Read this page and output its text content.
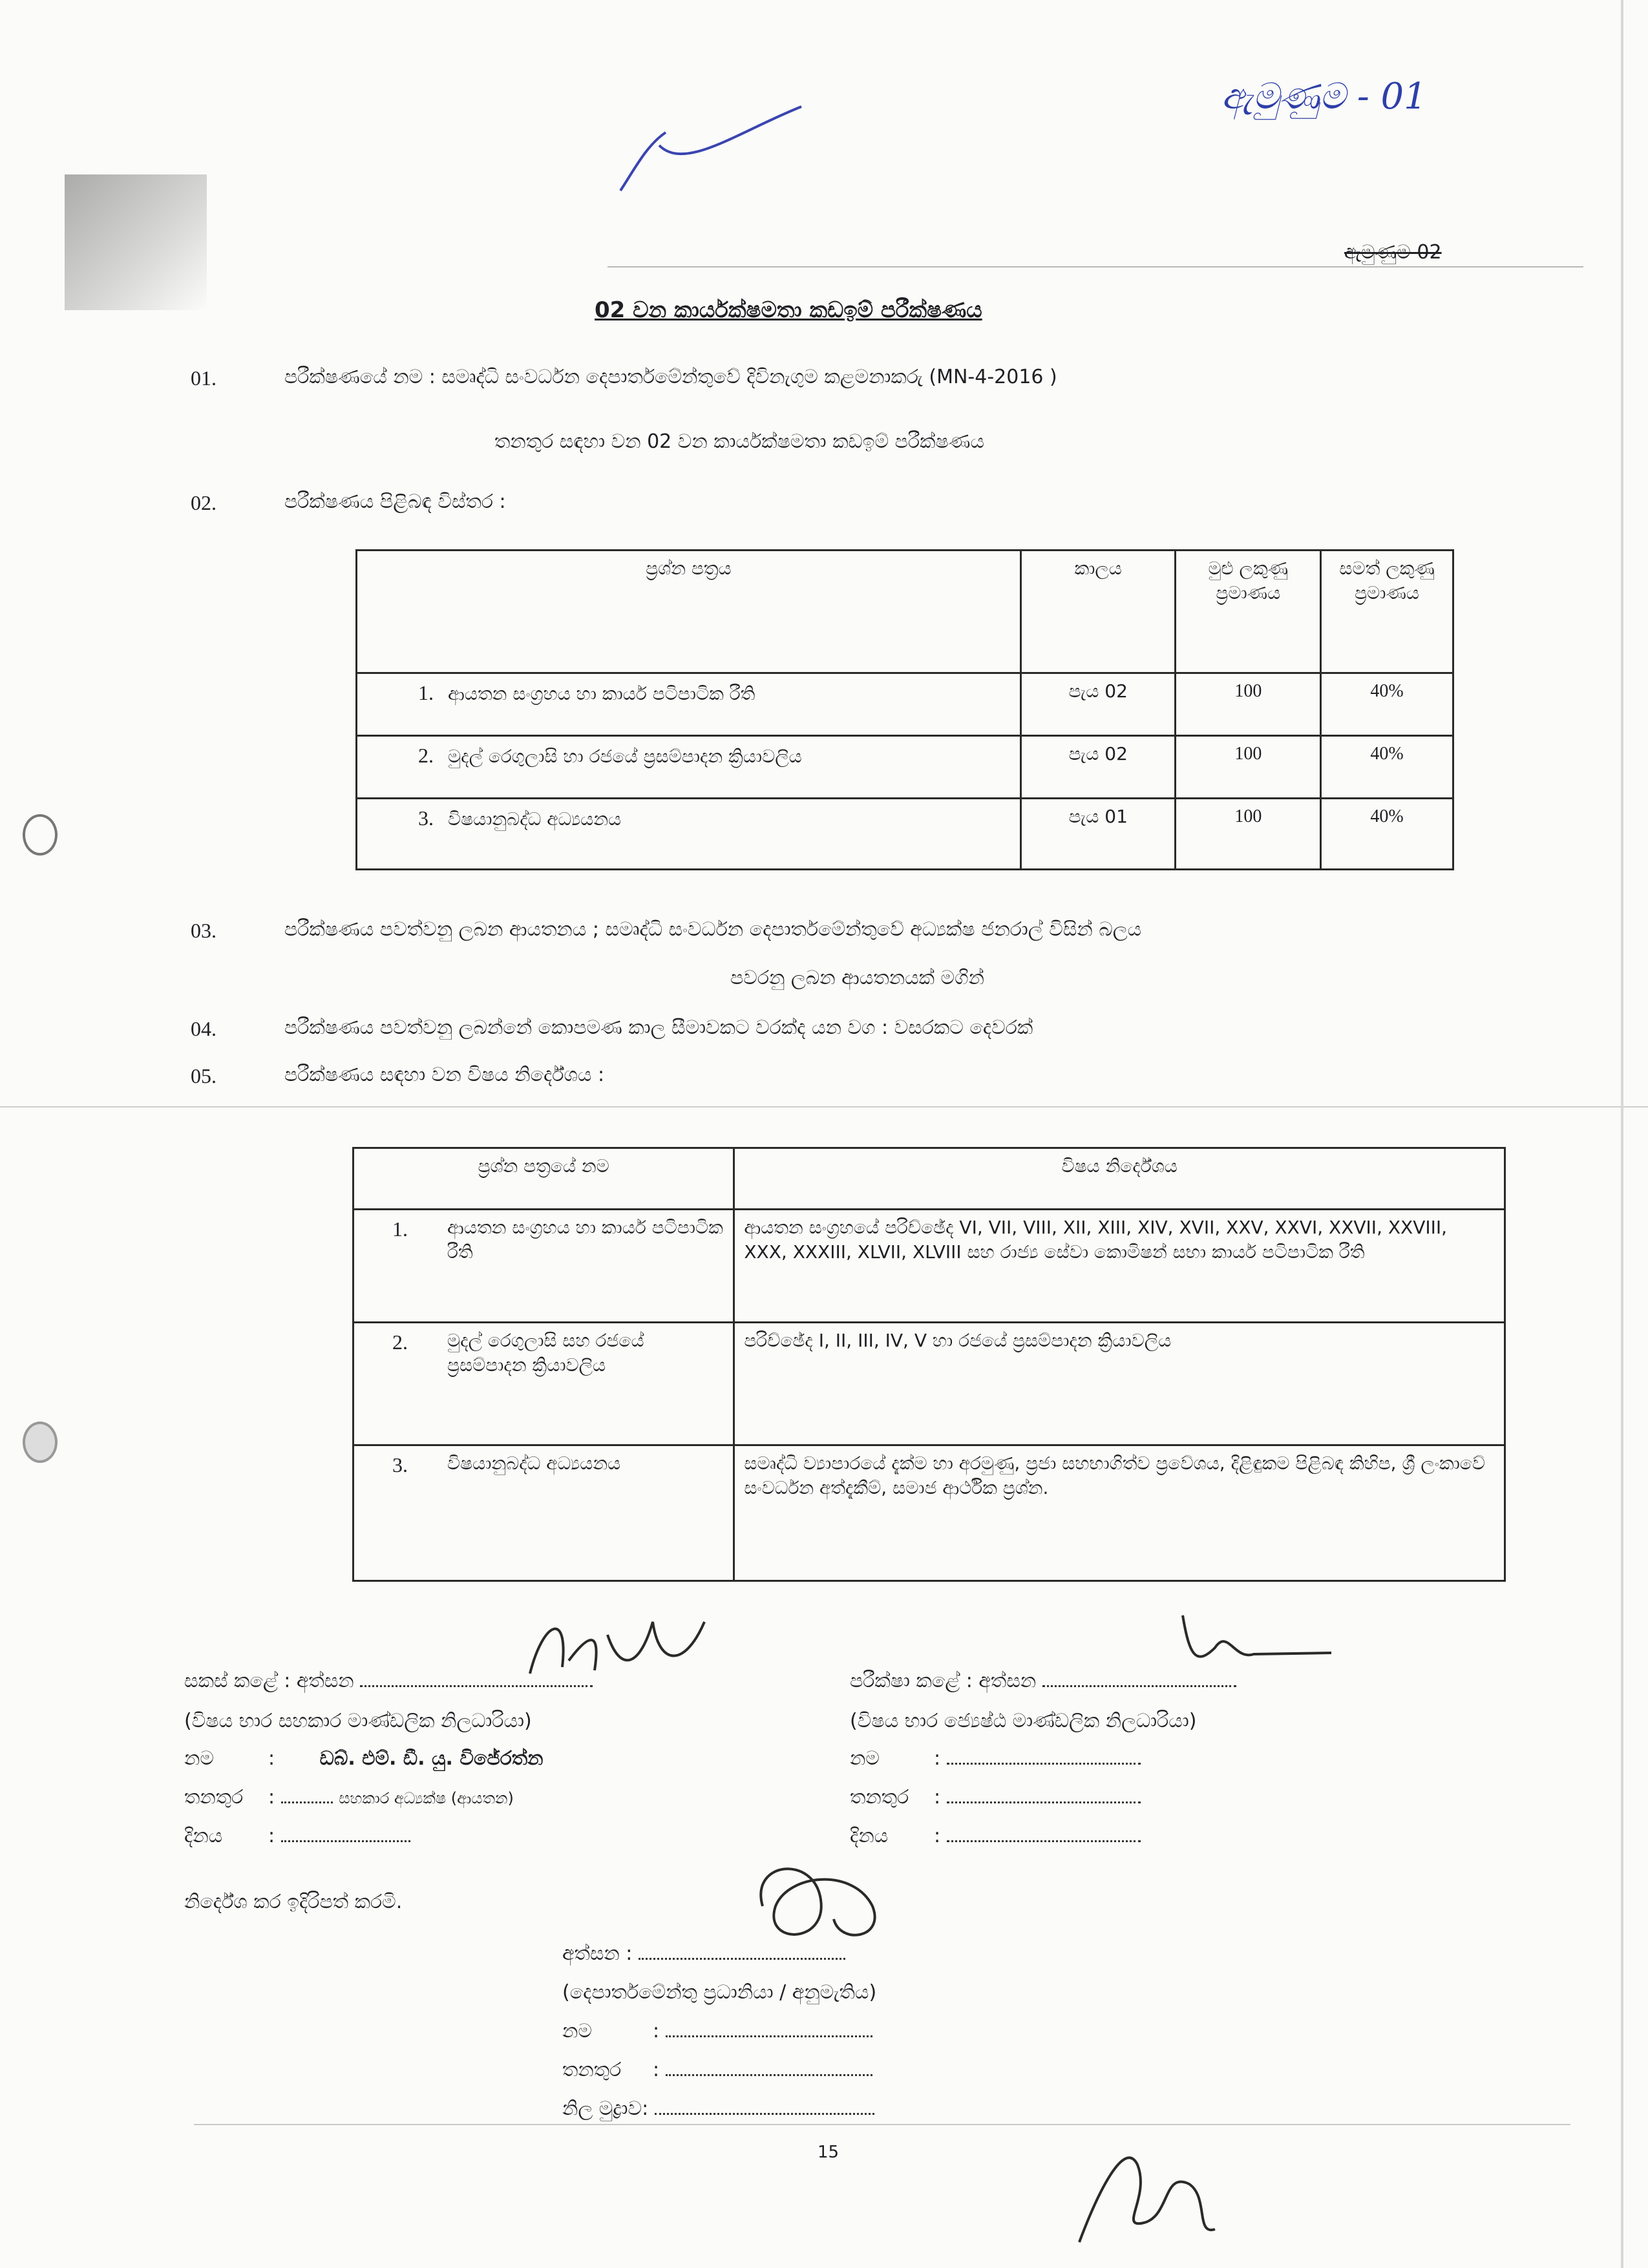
ඇමුණුම - 01
ඇමුණුම 02
02 වන කාර්යක්ෂමතා කඩඉම් පරීක්ෂණය
01.	පරීක්ෂණයේ නම : සමෘද්ධි සංවර්ධන දෙපාර්තමේන්තුවේ දිවිනැගුම කළමනාකරු (MN-4-2016 )
තනතුර සඳහා වන 02 වන කාර්යක්ෂමතා කඩඉම් පරීක්ෂණය
02.	පරීක්ෂණය පිළිබඳ විස්තර :
ප්‍රශ්න පත්‍රය	කාලය	මුළු ලකුණු ප්‍රමාණය	සමත් ලකුණු ප්‍රමාණය
1. ආයතන සංග්‍රහය හා කාර්ය පටිපාටික රීති	පැය 02	100	40%
2. මුදල් රෙගුලාසි හා රජයේ ප්‍රසම්පාදන ක්‍රියාවලිය	පැය 02	100	40%
3. විෂයානුබද්ධ අධ්‍යයනය	පැය 01	100	40%
03.	පරීක්ෂණය පවත්වනු ලබන ආයතනය ; සමෘද්ධි සංවර්ධන දෙපාර්තමේන්තුවේ අධ්‍යක්ෂ ජනරාල් විසින් බලය
පවරනු ලබන ආයතනයක් මගින්
04.	පරීක්ෂණය පවත්වනු ලබන්නේ කොපමණ කාල සීමාවකට වරක්ද යන වග : වසරකට දෙවරක්
05.	පරීක්ෂණය සඳහා වන විෂය නිර්දේශය :
ප්‍රශ්න පත්‍රයේ නම	විෂය නිර්දේශය

1. ආයතන සංග්‍රහය හා කාර්ය පටිපාටික රීති	ආයතන සංග්‍රහයේ පරිච්ඡේද VI, VII, VIII, XII, XIII, XIV, XVII, XXV, XXVI, XXVII, XXVIII, XXX, XXXIII, XLVII, XLVIII සහ රාජ්‍ය සේවා කොමිෂන් සභා කාර්ය පටිපාටික රීති

2. මුදල් රෙගුලාසි සහ රජයේ ප්‍රසම්පාදන ක්‍රියාවලිය	පරිච්ඡේද I, II, III, IV, V හා රජයේ ප්‍රසම්පාදන ක්‍රියාවලිය

3. විෂයානුබද්ධ අධ්‍යයනය	සමෘද්ධි ව්‍යාපාරයේ දැක්ම හා අරමුණු, ප්‍රජා සහභාගිත්ව ප්‍රවේශය, දිළිඳුකම පිළිබඳ කිහිප, ශ්‍රී ලංකාවේ සංවර්ධන අත්දැකීම්, සමාජ ආර්ථික ප්‍රශ්න.
සකස් කළේ : අත්සන
(විෂය භාර සහකාර මාණ්ඩලික නිලධාරියා)
නම	: ඩබ්. එම්. ඩී. යු. විජේරත්න
තනතුර :	සහකාර අධ්‍යක්ෂ (ආයතන)
දිනය :
පරීක්ෂා කළේ : අත්සන
(විෂය භාර ජ්‍යෙෂ්ඨ මාණ්ඩලික නිලධාරියා)
නම	:
තනතුර :
දිනය :
නිර්දේශ කර ඉදිරිපත් කරමි.
අත්සන :
(දෙපාර්තමේන්තු ප්‍රධානියා / අනුමැතිය)
නම	:
තනතුර :
නිල මුද්‍රාව:
15
